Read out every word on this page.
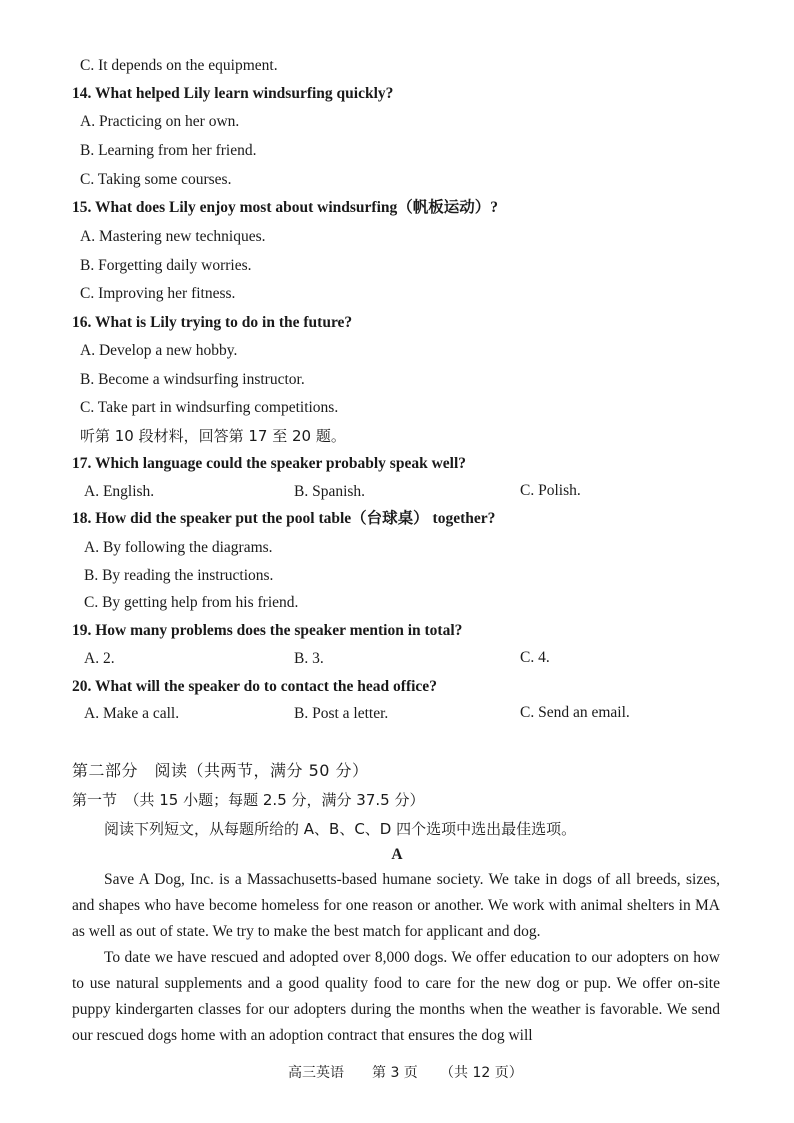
C. It depends on the equipment.
14. What helped Lily learn windsurfing quickly?
A. Practicing on her own.
B. Learning from her friend.
C. Taking some courses.
15. What does Lily enjoy most about windsurfing（帆板运动）?
A. Mastering new techniques.
B. Forgetting daily worries.
C. Improving her fitness.
16. What is Lily trying to do in the future?
A. Develop a new hobby.
B. Become a windsurfing instructor.
C. Take part in windsurfing competitions.
听第 10 段材料，回答第 17 至 20 题。
17. Which language could the speaker probably speak well?
A. English.	B. Spanish.	C. Polish.
18. How did the speaker put the pool table（台球桌） together?
A. By following the diagrams.
B. By reading the instructions.
C. By getting help from his friend.
19. How many problems does the speaker mention in total?
A. 2.	B. 3.	C. 4.
20. What will the speaker do to contact the head office?
A. Make a call.	B. Post a letter.	C. Send an email.
第二部分　阅读（共两节，满分 50 分）
第一节　（共 15 小题；每题 2.5 分，满分 37.5 分）
阅读下列短文，从每题所给的 A、B、C、D 四个选项中选出最佳选项。
A
Save A Dog, Inc. is a Massachusetts-based humane society. We take in dogs of all breeds, sizes, and shapes who have become homeless for one reason or another. We work with animal shelters in MA as well as out of state. We try to make the best match for applicant and dog.
To date we have rescued and adopted over 8,000 dogs. We offer education to our adopters on how to use natural supplements and a good quality food to care for the new dog or pup. We offer on-site puppy kindergarten classes for our adopters during the months when the weather is favorable. We send our rescued dogs home with an adoption contract that ensures the dog will
高三英语 第 3 页 （共 12 页）
